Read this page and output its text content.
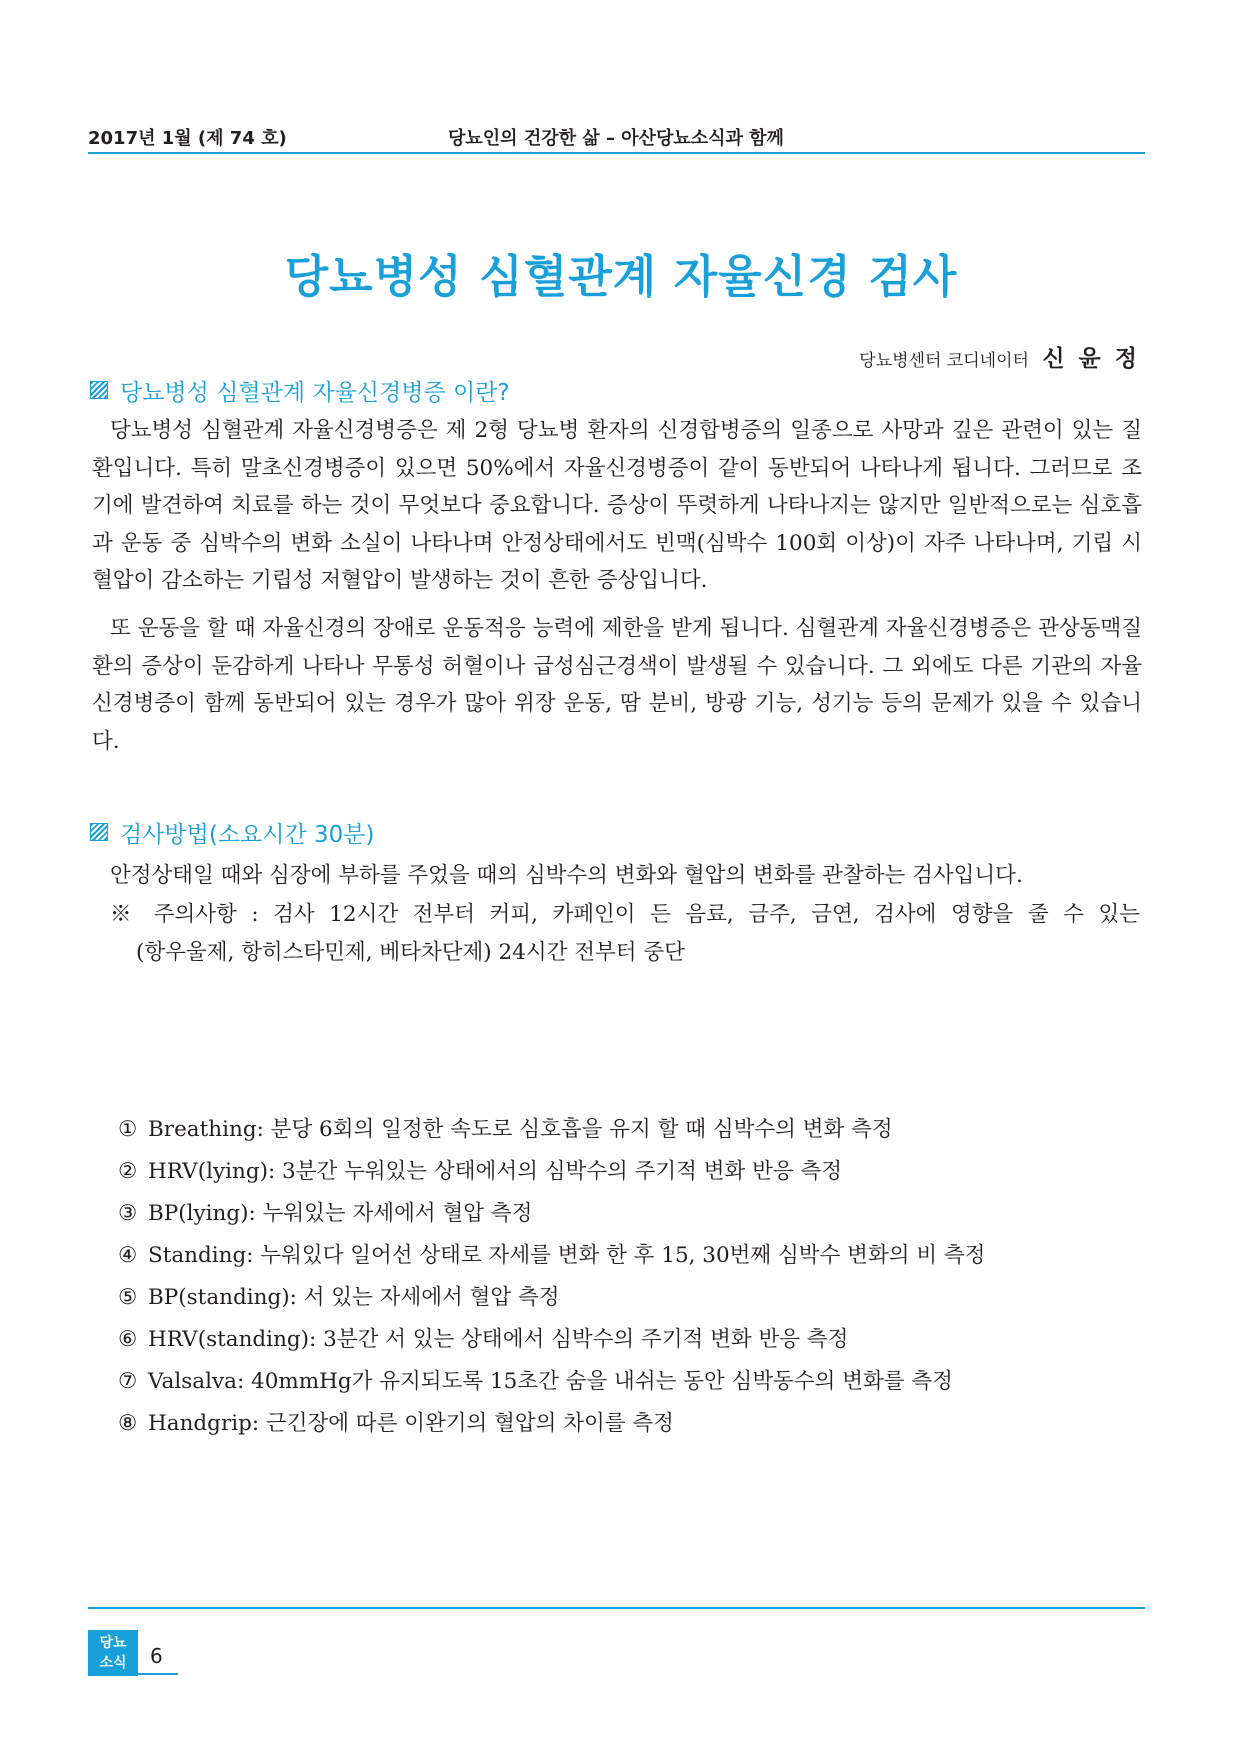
2017년 1월 (제 74 호)	당뇨인의 건강한 삶 – 아산당뇨소식과 함께
당뇨병성 심혈관계 자율신경 검사
당뇨병센터 코디네이터 신 윤 정
당뇨병성 심혈관계 자율신경병증 이란?
당뇨병성 심혈관계 자율신경병증은 제 2형 당뇨병 환자의 신경합병증의 일종으로 사망과 깊은 관련이 있는 질환입니다. 특히 말초신경병증이 있으면 50%에서 자율신경병증이 같이 동반되어 나타나게 됩니다. 그러므로 조기에 발견하여 치료를 하는 것이 무엇보다 중요합니다. 증상이 뚜렷하게 나타나지는 않지만 일반적으로는 심호흡과 운동 중 심박수의 변화 소실이 나타나며 안정상태에서도 빈맥(심박수 100회 이상)이 자주 나타나며, 기립 시 혈압이 감소하는 기립성 저혈압이 발생하는 것이 흔한 증상입니다.
또 운동을 할 때 자율신경의 장애로 운동적응 능력에 제한을 받게 됩니다. 심혈관계 자율신경병증은 관상동맥질환의 증상이 둔감하게 나타나 무통성 허혈이나 급성심근경색이 발생될 수 있습니다. 그 외에도 다른 기관의 자율신경병증이 함께 동반되어 있는 경우가 많아 위장 운동, 땀 분비, 방광 기능, 성기능 등의 문제가 있을 수 있습니다.
검사방법(소요시간 30분)
안정상태일 때와 심장에 부하를 주었을 때의 심박수의 변화와 혈압의 변화를 관찰하는 검사입니다.
※ 주의사항 : 검사 12시간 전부터 커피, 카페인이 든 음료, 금주, 금연, 검사에 영향을 줄 수 있는
(항우울제, 항히스타민제, 베타차단제) 24시간 전부터 중단
① Breathing: 분당 6회의 일정한 속도로 심호흡을 유지 할 때 심박수의 변화 측정
② HRV(lying): 3분간 누워있는 상태에서의 심박수의 주기적 변화 반응 측정
③ BP(lying): 누워있는 자세에서 혈압 측정
④ Standing: 누워있다 일어선 상태로 자세를 변화 한 후 15, 30번째 심박수 변화의 비 측정
⑤ BP(standing): 서 있는 자세에서 혈압 측정
⑥ HRV(standing): 3분간 서 있는 상태에서 심박수의 주기적 변화 반응 측정
⑦ Valsalva: 40mmHg가 유지되도록 15초간 숨을 내쉬는 동안 심박동수의 변화를 측정
⑧ Handgrip: 근긴장에 따른 이완기의 혈압의 차이를 측정
당뇨
소식	6
